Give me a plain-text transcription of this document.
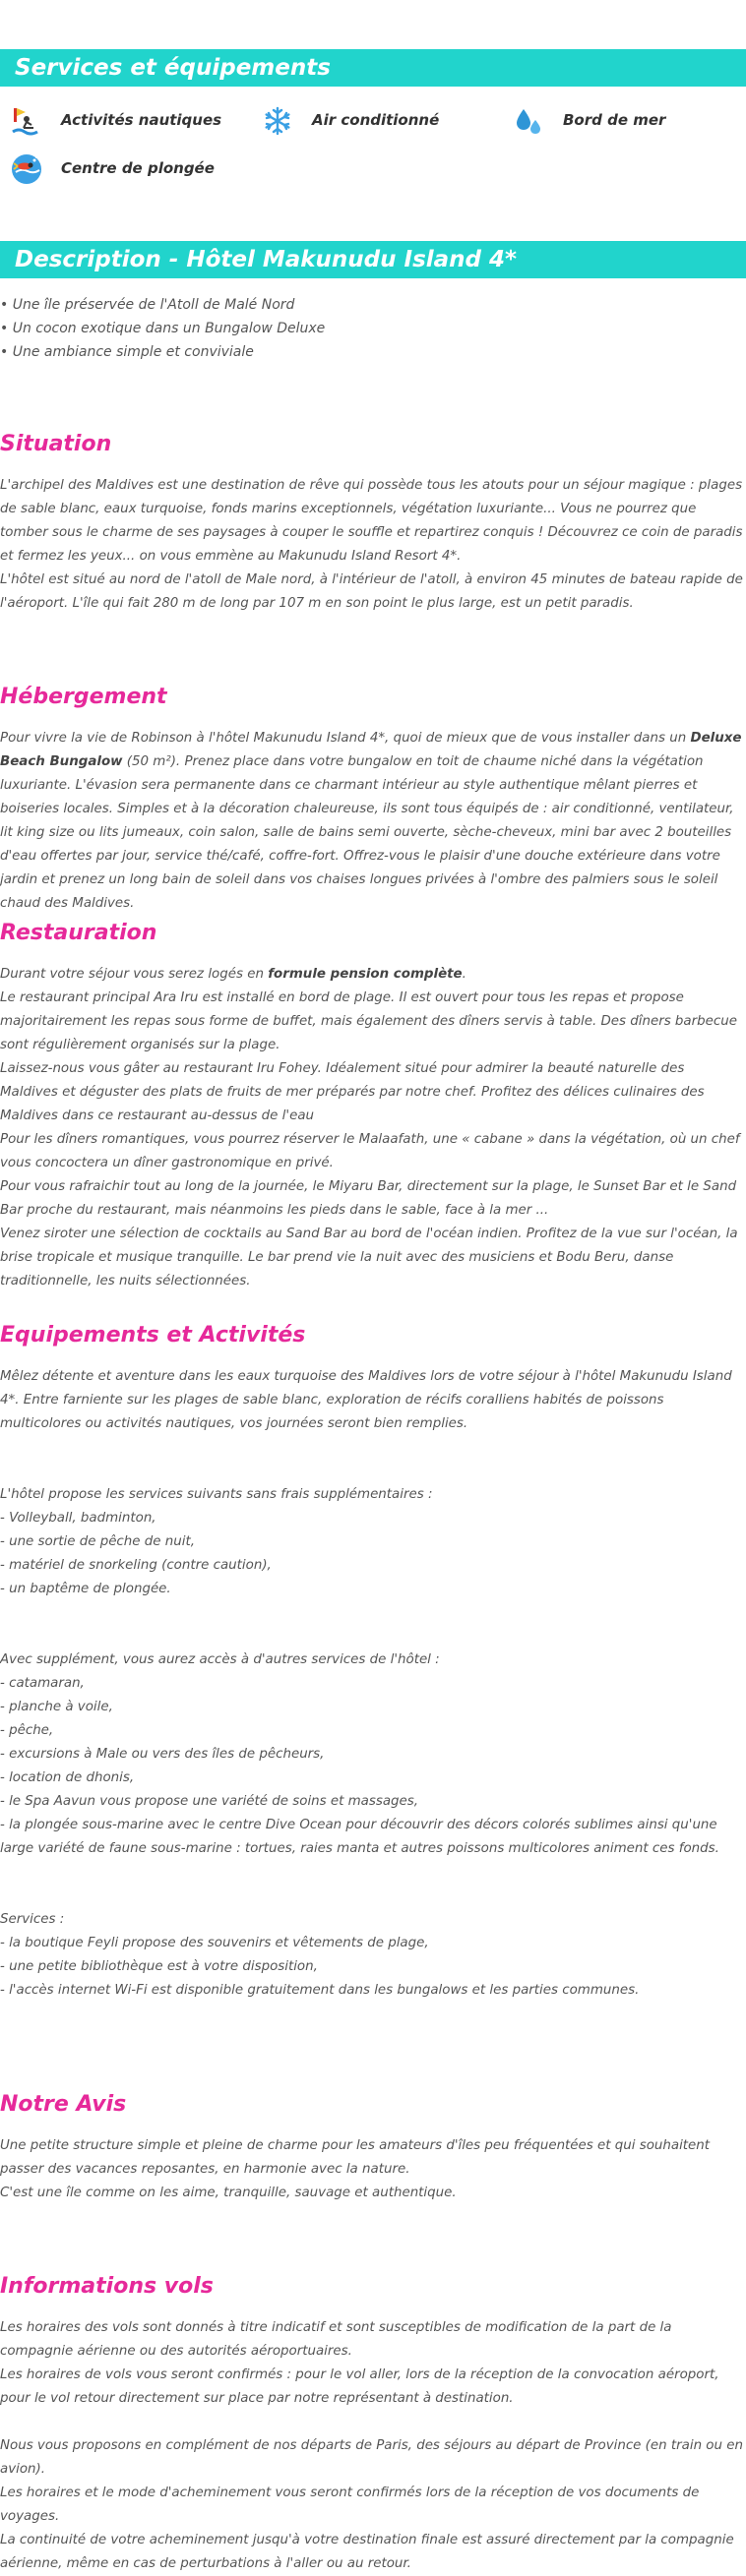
Services et équipements
Activités nautiques	Air conditionné	Bord de mer
Centre de plongée
Description - Hôtel Makunudu Island 4*
• Une île préservée de l'Atoll de Malé Nord
• Un cocon exotique dans un Bungalow Deluxe
• Une ambiance simple et conviviale
Situation

L'archipel des Maldives est une destination de rêve qui possède tous les atouts pour un séjour magique : plages de sable blanc, eaux turquoise, fonds marins exceptionnels, végétation luxuriante... Vous ne pourrez que tomber sous le charme de ses paysages à couper le souffle et repartirez conquis ! Découvrez ce coin de paradis et fermez les yeux... on vous emmène au Makunudu Island Resort 4*.

L'hôtel est situé au nord de l'atoll de Male nord, à l'intérieur de l'atoll, à environ 45 minutes de bateau rapide de l'aéroport. L'île qui fait 280 m de long par 107 m en son point le plus large, est un petit paradis.

Hébergement

Pour vivre la vie de Robinson à l'hôtel Makunudu Island 4*, quoi de mieux que de vous installer dans un Deluxe Beach Bungalow (50 m²). Prenez place dans votre bungalow en toit de chaume niché dans la végétation luxuriante. L'évasion sera permanente dans ce charmant intérieur au style authentique mêlant pierres et boiseries locales. Simples et à la décoration chaleureuse, ils sont tous équipés de : air conditionné, ventilateur, lit king size ou lits jumeaux, coin salon, salle de bains semi ouverte, sèche-cheveux, mini bar avec 2 bouteilles d'eau offertes par jour, service thé/café, coffre-fort. Offrez-vous le plaisir d'une douche extérieure dans votre jardin et prenez un long bain de soleil dans vos chaises longues privées à l'ombre des palmiers sous le soleil chaud des Maldives.

Restauration

Durant votre séjour vous serez logés en formule pension complète.

Le restaurant principal Ara Iru est installé en bord de plage. Il est ouvert pour tous les repas et propose majoritairement les repas sous forme de buffet, mais également des dîners servis à table. Des dîners barbecue sont régulièrement organisés sur la plage.

Laissez-nous vous gâter au restaurant Iru Fohey. Idéalement situé pour admirer la beauté naturelle des Maldives et déguster des plats de fruits de mer préparés par notre chef. Profitez des délices culinaires des Maldives dans ce restaurant au-dessus de l'eau

Pour les dîners romantiques, vous pourrez réserver le Malaafath, une « cabane » dans la végétation, où un chef vous concoctera un dîner gastronomique en privé.

Pour vous rafraichir tout au long de la journée, le Miyaru Bar, directement sur la plage, le Sunset Bar et le Sand Bar proche du restaurant, mais néanmoins les pieds dans le sable, face à la mer ...

Venez siroter une sélection de cocktails au Sand Bar au bord de l'océan indien. Profitez de la vue sur l'océan, la brise tropicale et musique tranquille. Le bar prend vie la nuit avec des musiciens et Bodu Beru, danse traditionnelle, les nuits sélectionnées.

Equipements et Activités

Mêlez détente et aventure dans les eaux turquoise des Maldives lors de votre séjour à l'hôtel Makunudu Island 4*. Entre farniente sur les plages de sable blanc, exploration de récifs coralliens habités de poissons multicolores ou activités nautiques, vos journées seront bien remplies.

L'hôtel propose les services suivants sans frais supplémentaires :

- Volleyball, badminton,

- une sortie de pêche de nuit,

- matériel de snorkeling (contre caution),

- un baptême de plongée.

Avec supplément, vous aurez accès à d'autres services de l'hôtel :

- catamaran,

- planche à voile,

- pêche,

- excursions à Male ou vers des îles de pêcheurs,

- location de dhonis,

- le Spa Aavun vous propose une variété de soins et massages,

- la plongée sous-marine avec le centre Dive Ocean pour découvrir des décors colorés sublimes ainsi qu'une large variété de faune sous-marine : tortues, raies manta et autres poissons multicolores animent ces fonds.

Services :

- la boutique Feyli propose des souvenirs et vêtements de plage,

- une petite bibliothèque est à votre disposition,

- l'accès internet Wi-Fi est disponible gratuitement dans les bungalows et les parties communes.

Notre Avis

Une petite structure simple et pleine de charme pour les amateurs d'îles peu fréquentées et qui souhaitent passer des vacances reposantes, en harmonie avec la nature.

C'est une île comme on les aime, tranquille, sauvage et authentique.

Informations vols

Les horaires des vols sont donnés à titre indicatif et sont susceptibles de modification de la part de la compagnie aérienne ou des autorités aéroportuaires.

Les horaires de vols vous seront confirmés : pour le vol aller, lors de la réception de la convocation aéroport, pour le vol retour directement sur place par notre représentant à destination.

Nous vous proposons en complément de nos départs de Paris, des séjours au départ de Province (en train ou en avion).

Les horaires et le mode d'acheminement vous seront confirmés lors de la réception de vos documents de voyages.

La continuité de votre acheminement jusqu'à votre destination finale est assuré directement par la compagnie aérienne, même en cas de perturbations à l'aller ou au retour.
